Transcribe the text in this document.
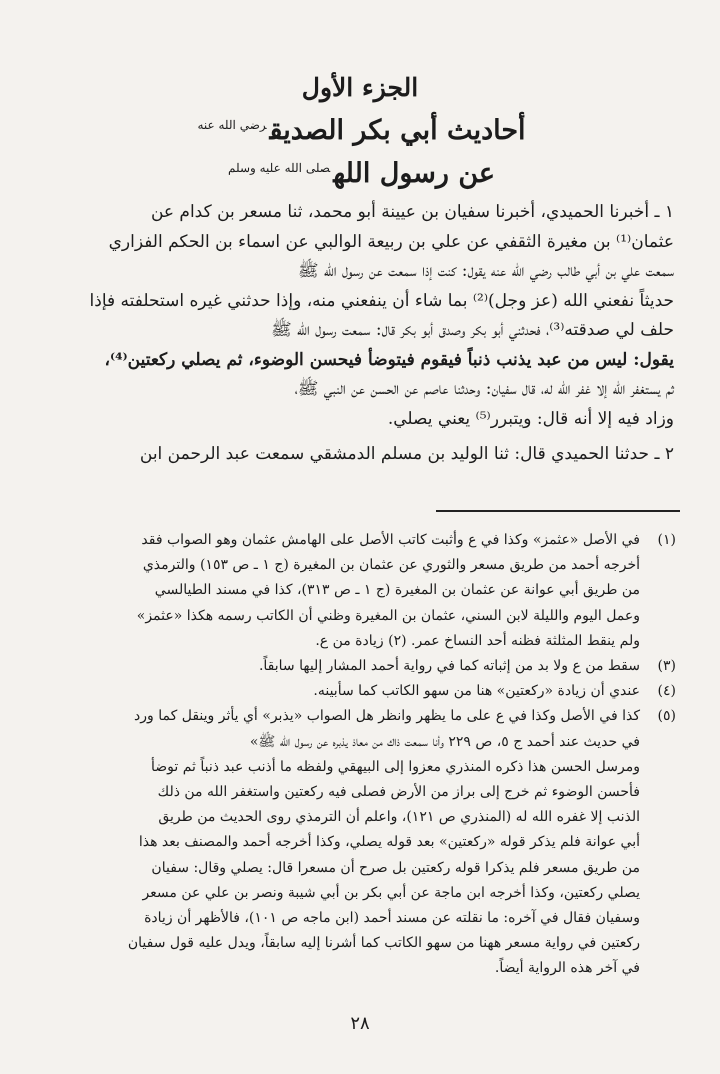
الجزء الأول
أحاديث أبي بكر الصديق$^{رضي الله عنه}$
عن رسول الله$^{صلى الله عليه وسلم}$

١ ـ أخبرنا الحميدي، أخبرنا سفيان بن عيينة أبو محمد، ثنا مسعر بن كدام عن

عثمان⁽¹⁾ بن مغيرة الثقفي عن علي بن ربيعة الوالبي عن اسماء بن الحكم الفزاري

سمعت علي بن أبي طالب رضي الله عنه يقول: كنت إذا سمعت عن رسول الله ﷺ

حديثاً نفعني الله (عز وجل)⁽²⁾ بما شاء أن ينفعني منه، وإذا حدثني غيره استحلفته فإذا

حلف لي صدقته⁽³⁾، فحدثني أبو بكر وصدق أبو بكر قال: سمعت رسول الله ﷺ

يقول: ليس من عبد يذنب ذنباً فيقوم فيتوضأ فيحسن الوضوء، ثم يصلي ركعتين⁽⁴⁾،

ثم يستغفر الله إلا غفر الله له، قال سفيان: وحدثنا عاصم عن الحسن عن النبي ﷺ،

وزاد فيه إلا أنه قال: ويتبرر⁽⁵⁾ يعني يصلي.

٢ ـ حدثنا الحميدي قال: ثنا الوليد بن مسلم الدمشقي سمعت عبد الرحمن ابن

(١)
في الأصل «عثمز» وكذا في ع وأثبت كاتب الأصل على الهامش عثمان وهو الصواب فقد
أخرجه أحمد من طريق مسعر والثوري عن عثمان بن المغيرة (ج ١ ـ ص ١٥٣) والترمذي
من طريق أبي عوانة عن عثمان بن المغيرة (ج ١ ـ ص ٣١٣)، كذا في مسند الطيالسي
وعمل اليوم والليلة لابن السني، عثمان بن المغيرة وظني أن الكاتب رسمه هكذا «عثمز»
ولم ينقط المثلثة فظنه أحد النساخ عمر. (٢) زيادة من ع.
(٣)
سقط من ع ولا بد من إثباته كما في رواية أحمد المشار إليها سابقاً.
(٤)
عندي أن زيادة «ركعتين» هنا من سهو الكاتب كما سأبينه.
(٥)
كذا في الأصل وكذا في ع على ما يظهر وانظر هل الصواب «يذبر» أي يأثر وينقل كما ورد
في حديث عند أحمد ج ٥، ص ٢٢٩ وأنا سمعت ذاك من معاذ يذبره عن رسول الله ﷺ»
ومرسل الحسن هذا ذكره المنذري معزوا إلى البيهقي ولفظه ما أذنب عبد ذنباً ثم توضأ
فأحسن الوضوء ثم خرج إلى براز من الأرض فصلى فيه ركعتين واستغفر الله من ذلك
الذنب إلا غفره الله له (المنذري ص ١٢١)، واعلم أن الترمذي روى الحديث من طريق
أبي عوانة فلم يذكر قوله «ركعتين» بعد قوله يصلي، وكذا أخرجه أحمد والمصنف بعد هذا
من طريق مسعر فلم يذكرا قوله ركعتين بل صرح أن مسعرا قال: يصلي وقال: سفيان
يصلي ركعتين، وكذا أخرجه ابن ماجة عن أبي بكر بن أبي شيبة ونصر بن علي عن مسعر
وسفيان فقال في آخره: ما نقلته عن مسند أحمد (ابن ماجه ص ١٠١)، فالأظهر أن زيادة
ركعتين في رواية مسعر ههنا من سهو الكاتب كما أشرنا إليه سابقاً، ويدل عليه قول سفيان
في آخر هذه الرواية أيضاً.
٢٨
